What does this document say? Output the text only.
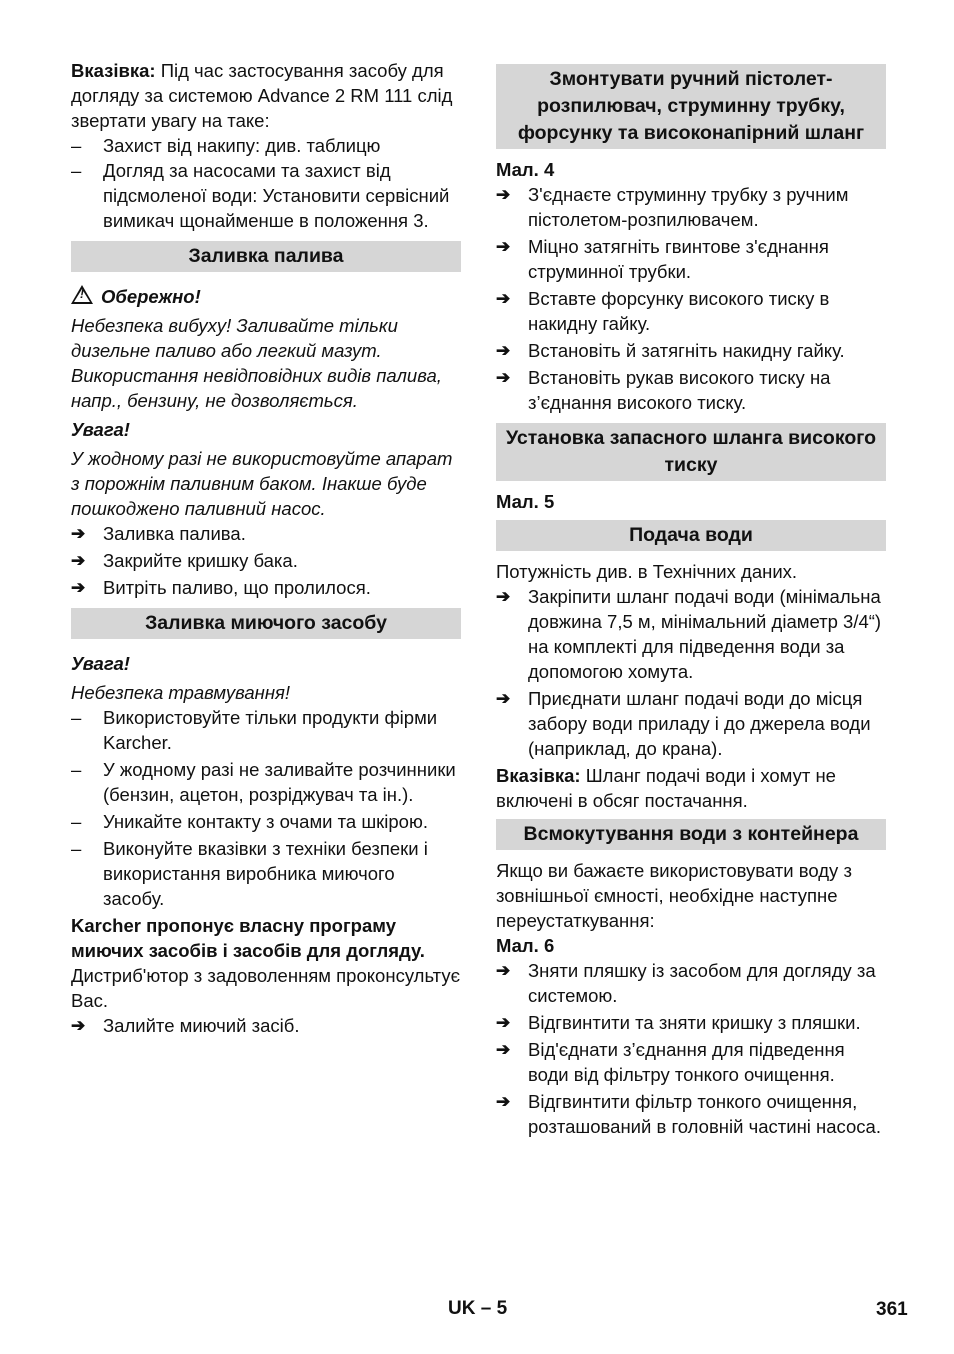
Вказівка: Під час застосування засобу для догляду за системою Advance 2 RM 111 слід звертати увагу на таке:

– Захист від накипу: див. таблицю
– Догляд за насосами та захист від підсмоленої води: Установити сервісний вимикач щонайменше в положення 3.
Заливка палива

!Обережно!

Небезпека вибуху! Заливайте тільки дизельне паливо або легкий мазут. Використання невідповідних видів палива, напр., бензину, не дозволяється.

Увага!

У жодному разі не використовуйте апарат з порожнім паливним баком. Інакше буде пошкоджено паливний насос.

➔ Заливка палива.
➔ Закрийте кришку бака.
➔ Витріть паливо, що пролилося.
Заливка миючого засобу

Увага!

Небезпека травмування!

– Використовуйте тільки продукти фірми Karcher.
– У жодному разі не заливайте розчинники (бензин, ацетон, розріджувач та ін.).
– Уникайте контакту з очами та шкірою.
– Виконуйте вказівки з техніки безпеки і використання виробника миючого засобу.

Karcher пропонує власну програму миючих засобів і засобів для догляду.

Дистриб'ютор з задоволенням проконсультує Вас.

➔ Залийте миючий засіб.
Змонтувати ручний пістолет-розпилювач, струминну трубку, форсунку та високонапірний шланг

Мал. 4

➔ З'єднаєте струминну трубку з ручним пістолетом-розпилювачем.
➔ Міцно затягніть гвинтове з'єднання струминної трубки.
➔ Вставте форсунку високого тиску в накидну гайку.
➔ Встановіть й затягніть накидну гайку.
➔ Встановіть рукав високого тиску на з’єднання високого тиску.
Установка запасного шланга високого тиску

Мал. 5

Подача води

Потужність див. в Технічних даних.

➔ Закріпити шланг подачі води (мінімальна довжина 7,5 м, мінімальний діаметр 3/4“) на комплекті для підведення води за допомогою хомута.
➔ Приєднати шланг подачі води до місця забору води приладу і до джерела води (наприклад, до крана).

Вказівка: Шланг подачі води і хомут не включені в обсяг постачання.

Всмокутування води з контейнера

Якщо ви бажаєте використовувати воду з зовнішньої ємності, необхідне наступне переустаткування:

Мал. 6

➔ Зняти пляшку із засобом для догляду за системою.
➔ Відгвинтити та зняти кришку з пляшки.
➔ Від'єднати з’єднання для підведення води від фільтру тонкого очищення.
➔ Відгвинтити фільтр тонкого очищення, розташований в головній частині насоса.
UK – 5	361
